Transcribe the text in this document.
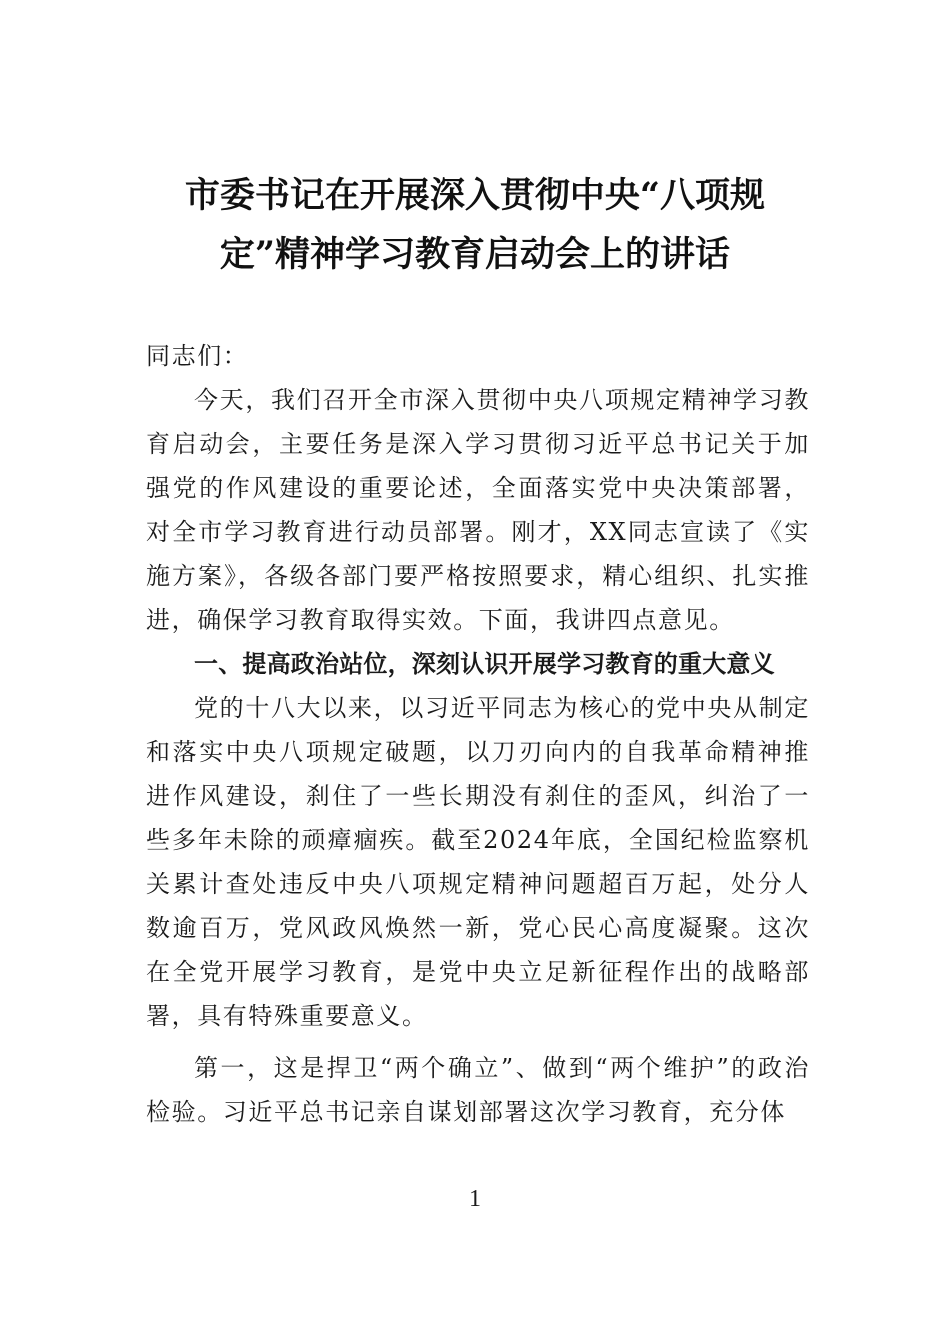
市委书记在开展深入贯彻中央“八项规
定”精神学习教育启动会上的讲话

同志们：

今天，我们召开全市深入贯彻中央八项规定精神学习教育启动会，主要任务是深入学习贯彻习近平总书记关于加强党的作风建设的重要论述，全面落实党中央决策部署，对全市学习教育进行动员部署。刚才，XX同志宣读了《实施方案》，各级各部门要严格按照要求，精心组织、扎实推进，确保学习教育取得实效。下面，我讲四点意见。

一、提高政治站位，深刻认识开展学习教育的重大意义

党的十八大以来，以习近平同志为核心的党中央从制定和落实中央八项规定破题，以刀刃向内的自我革命精神推进作风建设，刹住了一些长期没有刹住的歪风，纠治了一些多年未除的顽瘴痼疾。截至2024年底，全国纪检监察机关累计查处违反中央八项规定精神问题超百万起，处分人数逾百万，党风政风焕然一新，党心民心高度凝聚。这次在全党开展学习教育，是党中央立足新征程作出的战略部署，具有特殊重要意义。

第一，这是捍卫“两个确立”、做到“两个维护”的政治检验。习近平总书记亲自谋划部署这次学习教育，充分体

1
